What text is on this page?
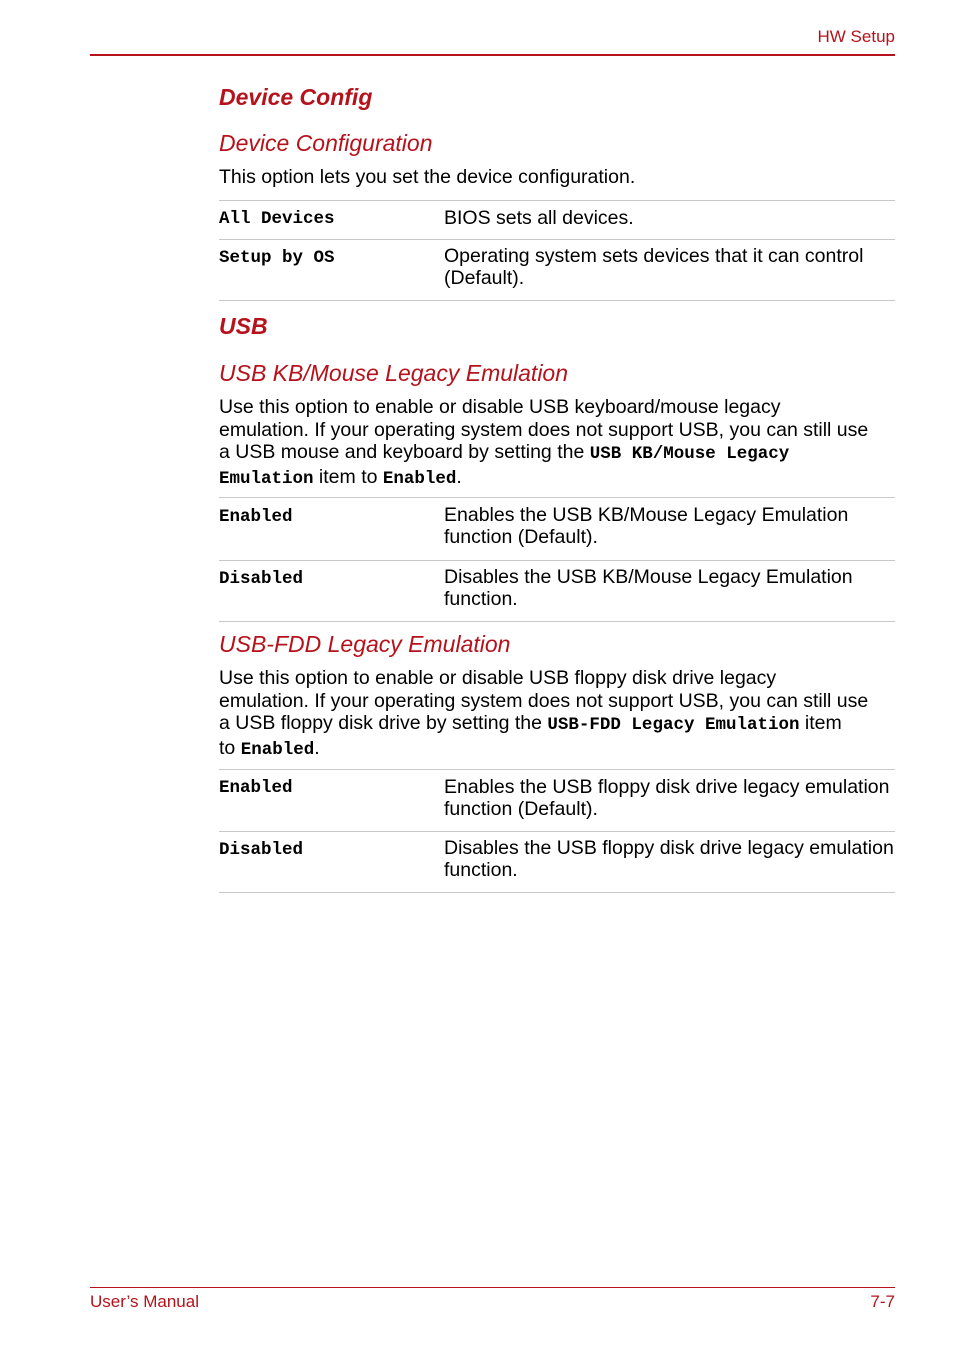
HW Setup
Device Config
Device Configuration
This option lets you set the device configuration.
All Devices	BIOS sets all devices.
Setup by OS	Operating system sets devices that it can control (Default).
USB
USB KB/Mouse Legacy Emulation
Use this option to enable or disable USB keyboard/mouse legacy
emulation. If your operating system does not support USB, you can still use
a USB mouse and keyboard by setting the USB KB/Mouse Legacy
Emulation item to Enabled.
Enabled	Enables the USB KB/Mouse Legacy Emulation function (Default).
Disabled	Disables the USB KB/Mouse Legacy Emulation function.
USB-FDD Legacy Emulation
Use this option to enable or disable USB floppy disk drive legacy
emulation. If your operating system does not support USB, you can still use
a USB floppy disk drive by setting the USB-FDD Legacy Emulation item
to Enabled.
Enabled	Enables the USB floppy disk drive legacy emulation function (Default).
Disabled	Disables the USB floppy disk drive legacy emulation function.
User’s Manual	7-7
